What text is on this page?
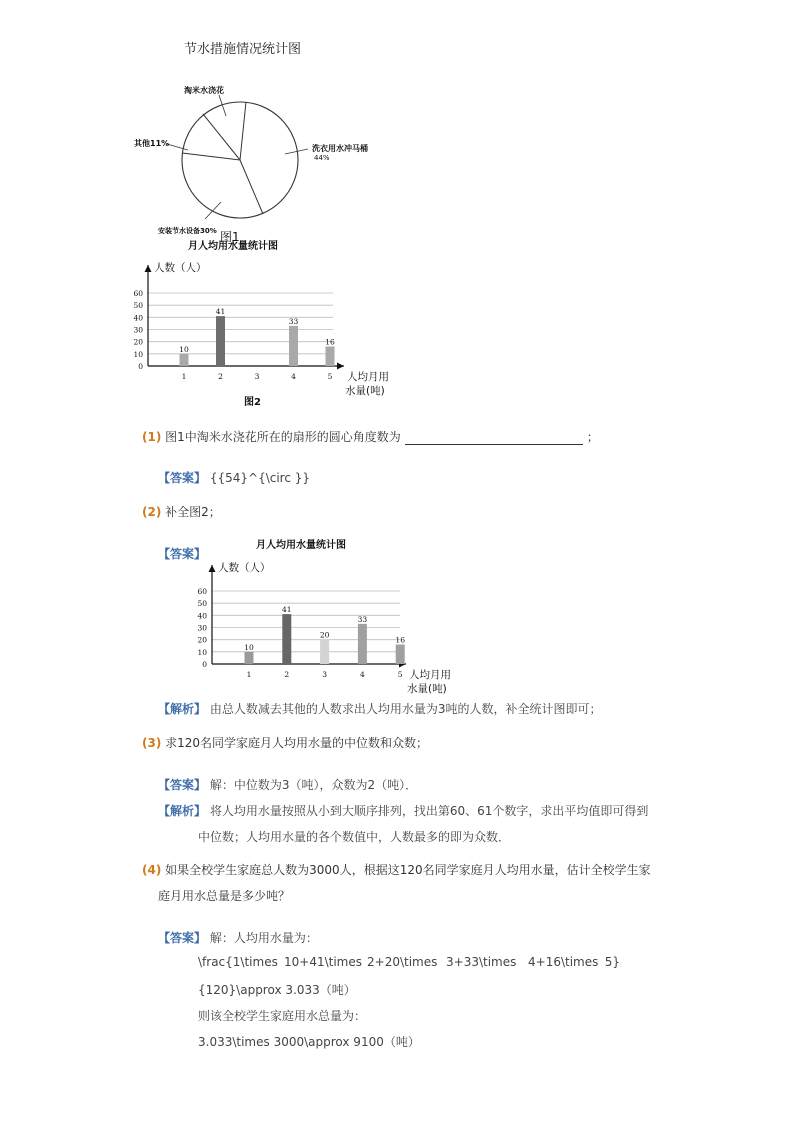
节水措施情况统计图
淘米水浇花
其他11%
洗衣用水冲马桶
44%
安装节水设备30% 图1
月人均用水量统计图
图2
月人均用水量统计图
0
10
20
30
40
50
60
人数（人）
人均月用
水量(吨)
1
10
2
41
3	4
33
5
16
0
10
20
30
40
50
60
人数（人）
人均月用
水量(吨)
1
10
2
41
3
20
4
33
5
16
(1) 图1中淘米水浇花所在的扇形的圆心角度数为	；
【答案】 {{54}^{\circ }}
(2) 补全图2；
【答案】
【解析】 由总人数减去其他的人数求出人均用水量为3吨的人数，补全统计图即可；
(3) 求120名同学家庭月人均用水量的中位数和众数；
【答案】 解：中位数为3（吨），众数为2（吨）．
【解析】 将人均用水量按照从小到大顺序排列，找出第60、61个数字，求出平均值即可得到
中位数；人均用水量的各个数值中，人数最多的即为众数．
(4) 如果全校学生家庭总人数为3000人，根据这120名同学家庭月人均用水量，估计全校学生家
庭月用水总量是多少吨？
【答案】 解：人均用水量为：
\frac{1\times 10+41\times 2+20\times 3+33\times 4+16\times 5}
{120}\approx 3.033（吨）
则该全校学生家庭用水总量为：
3.033\times 3000\approx 9100（吨）
